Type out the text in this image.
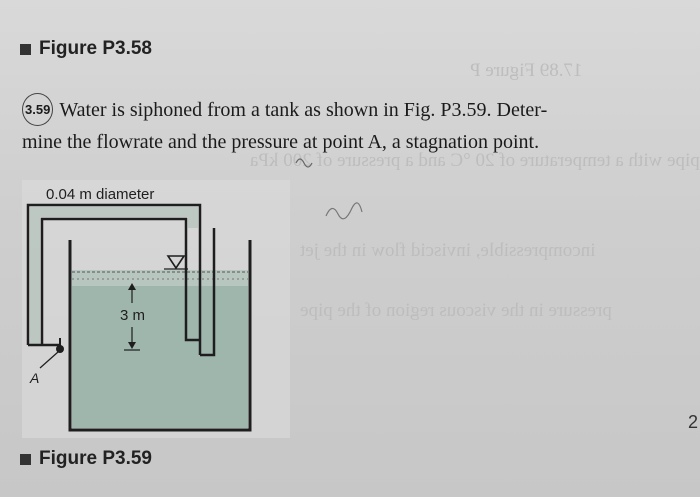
17.89 Figure P
pipe with a temperature of 20 °C and a pressure of 200 kPa
incompressible, inviscid flow in the jet
pressure in the viscous region of the pipe
Figure P3.58
3.59 Water is siphoned from a tank as shown in Fig. P3.59. Deter-
mine the flowrate and the pressure at point A, a stagnation point.
0.04 m diameter
3 m
A
Figure P3.59
2
